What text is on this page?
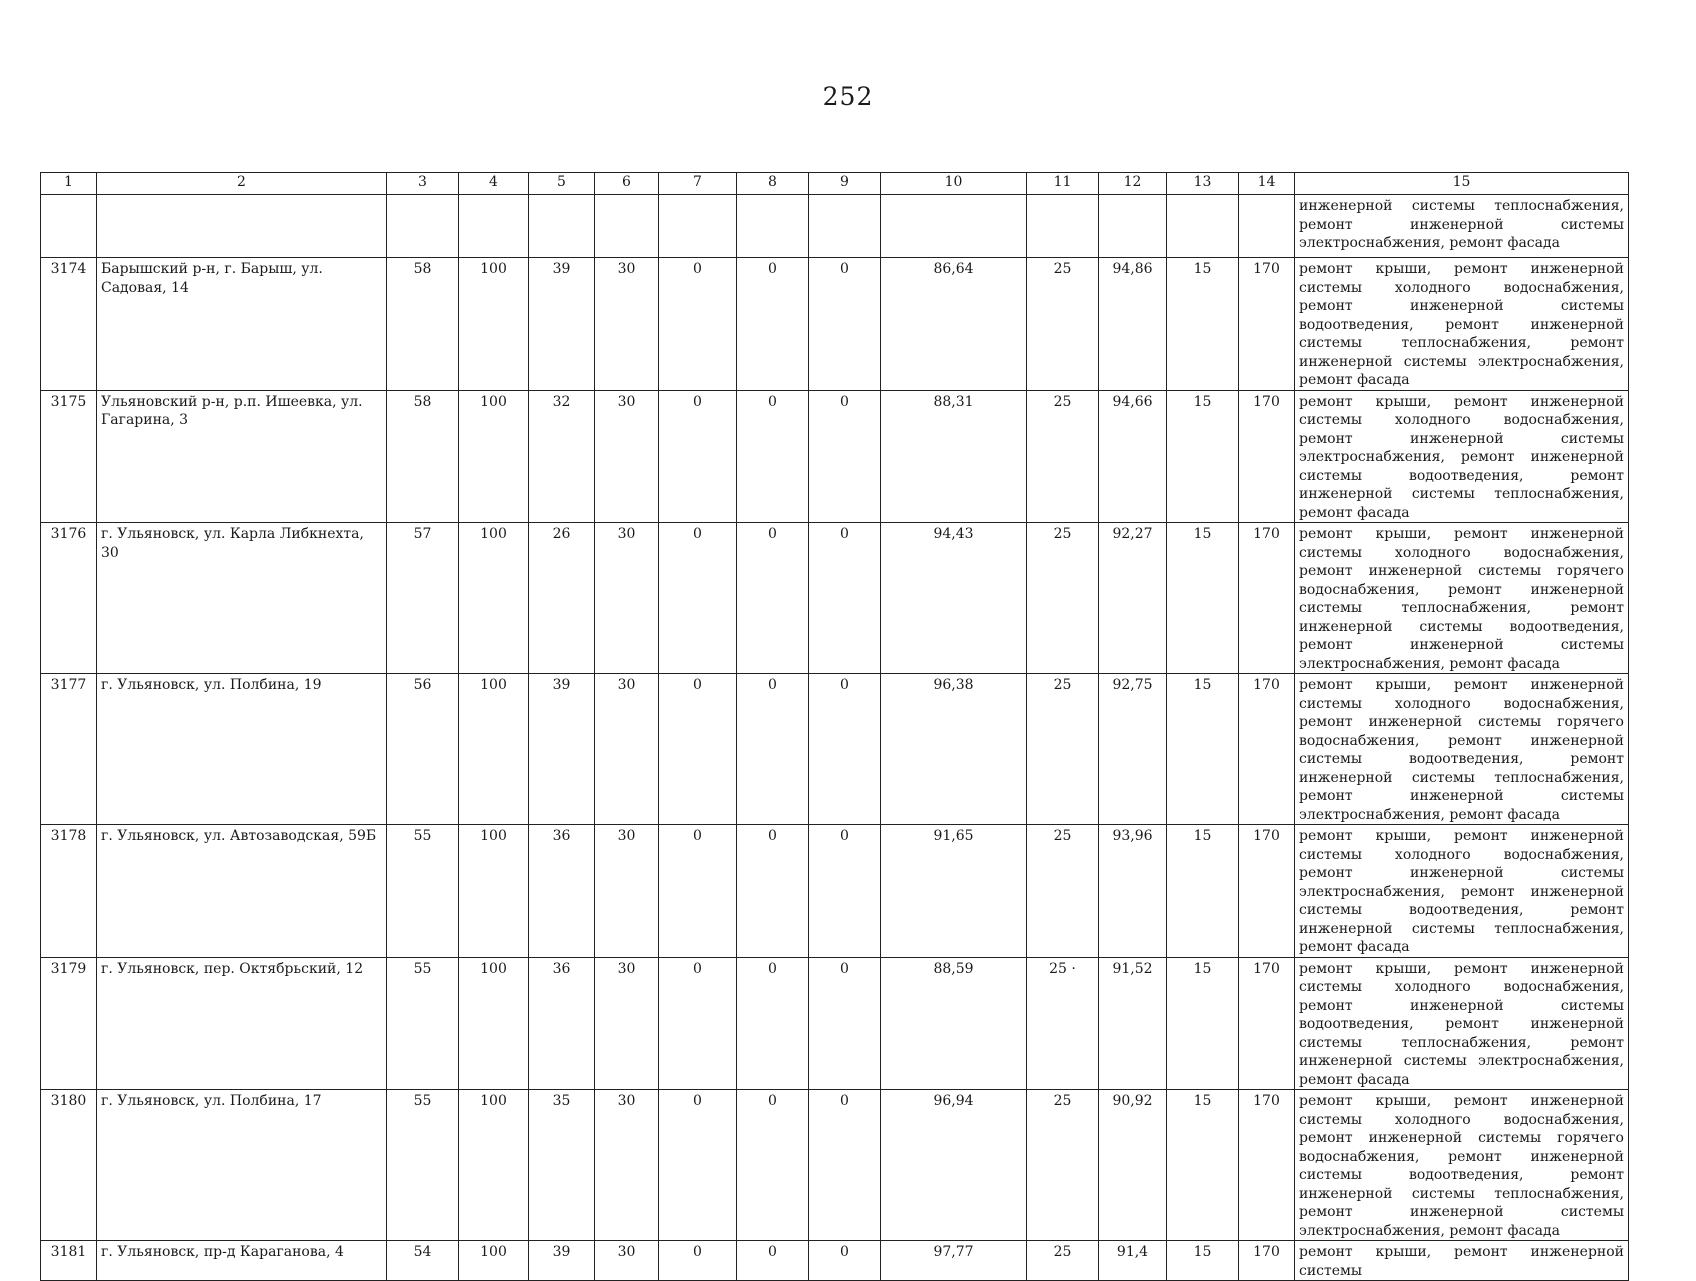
252
1	2	3	4	5	6	7	8	9	10	11	12	13	14	15
														инженерной системы теплоснабжения, ремонт инженерной системы электроснабжения, ремонт фасада
3174	Барышский р-н, г. Барыш, ул. Садовая, 14	58	100	39	30	0	0	0	86,64	25	94,86	15	170	ремонт крыши, ремонт инженерной системы холодного водоснабжения, ремонт инженерной системы водоотведения, ремонт инженерной системы теплоснабжения, ремонт инженерной системы электроснабжения, ремонт фасада
3175	Ульяновский р-н, р.п. Ишеевка, ул. Гагарина, 3	58	100	32	30	0	0	0	88,31	25	94,66	15	170	ремонт крыши, ремонт инженерной системы холодного водоснабжения, ремонт инженерной системы электроснабжения, ремонт инженерной системы водоотведения, ремонт инженерной системы теплоснабжения, ремонт фасада
3176	г. Ульяновск, ул. Карла Либкнехта, 30	57	100	26	30	0	0	0	94,43	25	92,27	15	170	ремонт крыши, ремонт инженерной системы холодного водоснабжения, ремонт инженерной системы горячего водоснабжения, ремонт инженерной системы теплоснабжения, ремонт инженерной системы водоотведения, ремонт инженерной системы электроснабжения, ремонт фасада
3177	г. Ульяновск, ул. Полбина, 19	56	100	39	30	0	0	0	96,38	25	92,75	15	170	ремонт крыши, ремонт инженерной системы холодного водоснабжения, ремонт инженерной системы горячего водоснабжения, ремонт инженерной системы водоотведения, ремонт инженерной системы теплоснабжения, ремонт инженерной системы электроснабжения, ремонт фасада
3178	г. Ульяновск, ул. Автозаводская, 59Б	55	100	36	30	0	0	0	91,65	25	93,96	15	170	ремонт крыши, ремонт инженерной системы холодного водоснабжения, ремонт инженерной системы электроснабжения, ремонт инженерной системы водоотведения, ремонт инженерной системы теплоснабжения, ремонт фасада
3179	г. Ульяновск, пер. Октябрьский, 12	55	100	36	30	0	0	0	88,59	25 ·	91,52	15	170	ремонт крыши, ремонт инженерной системы холодного водоснабжения, ремонт инженерной системы водоотведения, ремонт инженерной системы теплоснабжения, ремонт инженерной системы электроснабжения, ремонт фасада
3180	г. Ульяновск, ул. Полбина, 17	55	100	35	30	0	0	0	96,94	25	90,92	15	170	ремонт крыши, ремонт инженерной системы холодного водоснабжения, ремонт инженерной системы горячего водоснабжения, ремонт инженерной системы водоотведения, ремонт инженерной системы теплоснабжения, ремонт инженерной системы электроснабжения, ремонт фасада
3181	г. Ульяновск, пр-д Караганова, 4	54	100	39	30	0	0	0	97,77	25	91,4	15	170	ремонт крыши, ремонт инженерной системы
